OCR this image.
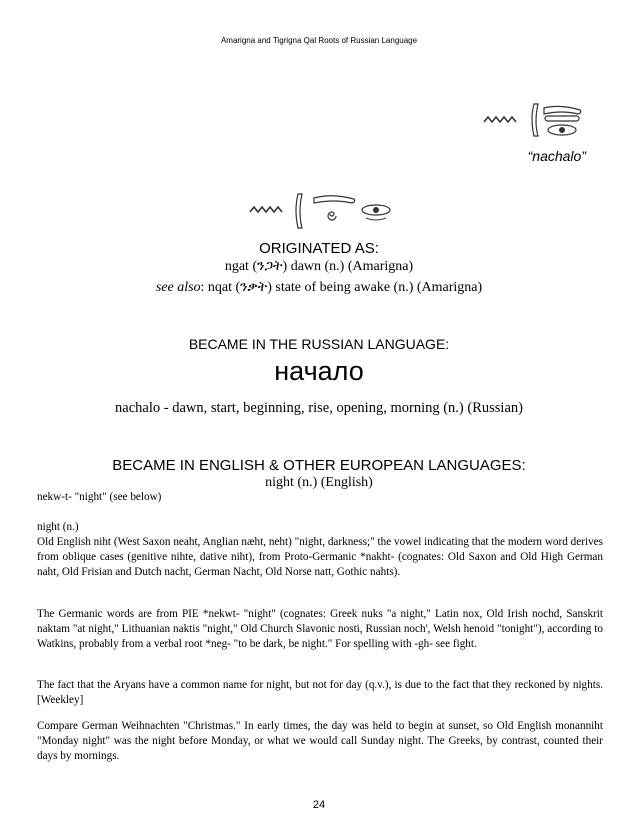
Amarigna and Tigrigna Qal Roots of Russian Language
“nachalo”
ORIGINATED AS:
ngat (ንጋት) dawn (n.) (Amarigna)
see also: nqat (ንቃት) state of being awake (n.) (Amarigna)
BECAME IN THE RUSSIAN LANGUAGE:
начало
nachalo - dawn, start, beginning, rise, opening, morning (n.) (Russian)
BECAME IN ENGLISH & OTHER EUROPEAN LANGUAGES:
night (n.) (English)

nekw-t- "night" (see below)

night (n.)
Old English niht (West Saxon neaht, Anglian næht, neht) "night, darkness;" the vowel indicating that the modern word derives from oblique cases (genitive nihte, dative niht), from Proto-Germanic *nakht- (cognates: Old Saxon and Old High German naht, Old Frisian and Dutch nacht, German Nacht, Old Norse natt, Gothic nahts).

The Germanic words are from PIE *nekwt- "night" (cognates: Greek nuks "a night," Latin nox, Old Irish nochd, Sanskrit naktam "at night," Lithuanian naktis "night," Old Church Slavonic nosti, Russian noch', Welsh henoid "tonight"), according to Watkins, probably from a verbal root *neg- "to be dark, be night." For spelling with -gh- see fight.

The fact that the Aryans have a common name for night, but not for day (q.v.), is due to the fact that they reckoned by nights. [Weekley]

Compare German Weihnachten "Christmas." In early times, the day was held to begin at sunset, so Old English monanniht "Monday night" was the night before Monday, or what we would call Sunday night. The Greeks, by contrast, counted their days by mornings.

24
